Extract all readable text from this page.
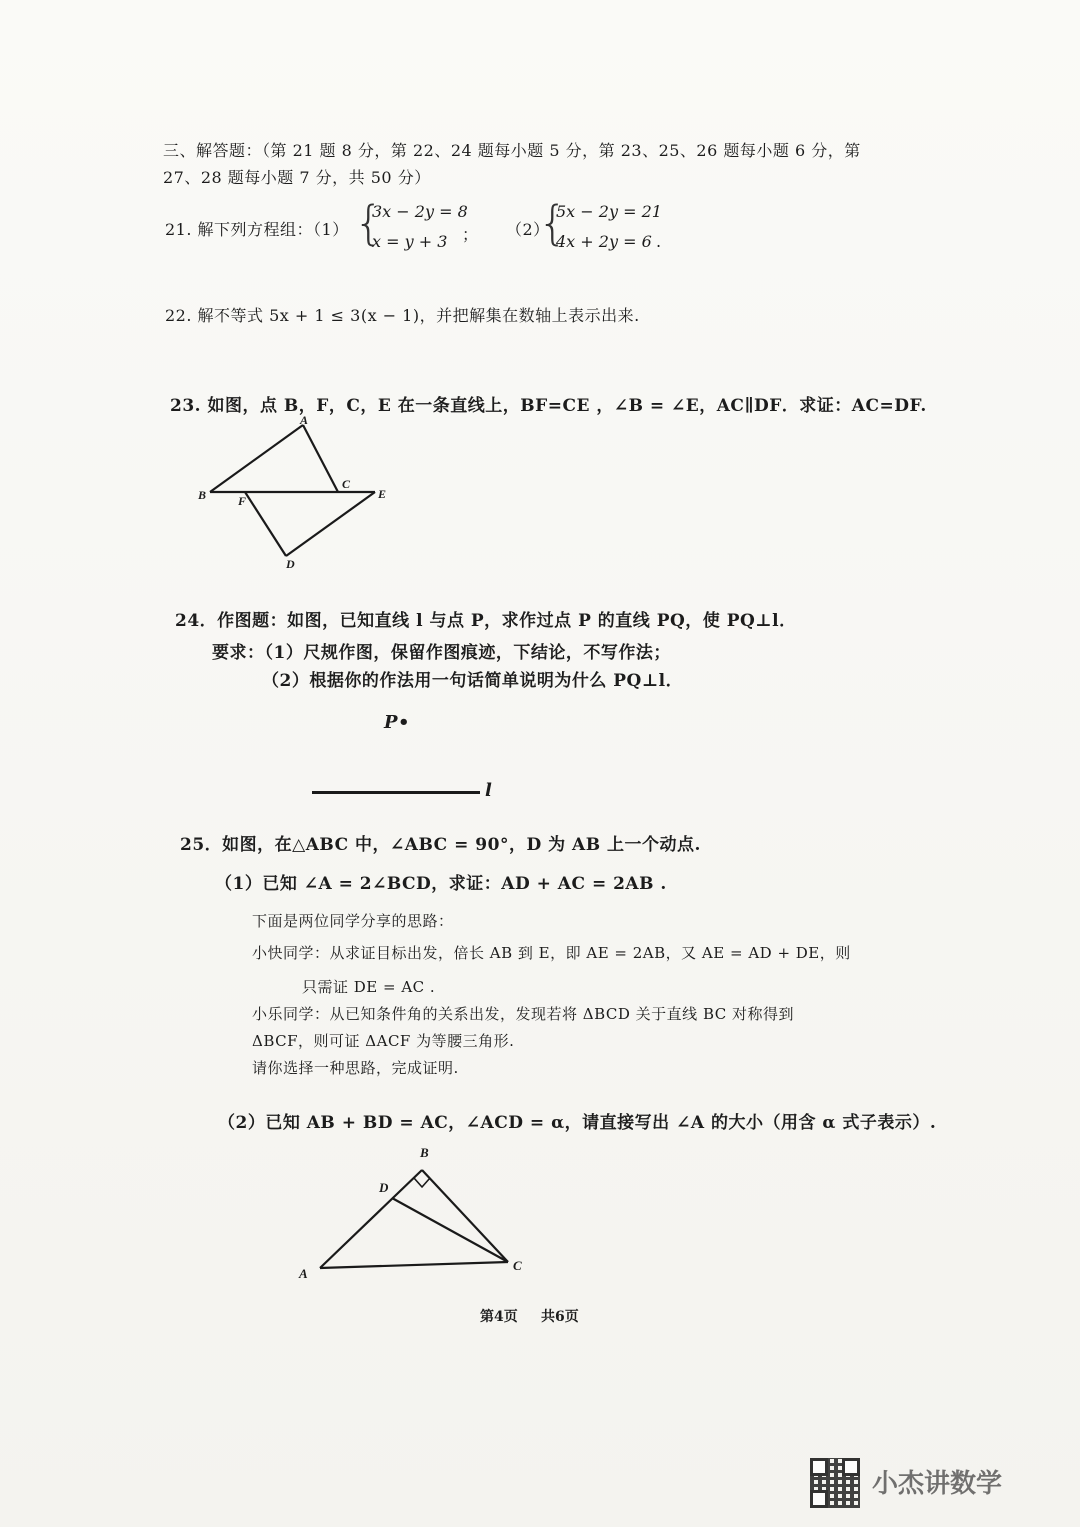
三、解答题：（第 21 题 8 分，第 22、24 题每小题 5 分，第 23、25、26 题每小题 6 分，第
27、28 题每小题 7 分，共 50 分）
21. 解下列方程组：（1） {
3x − 2y = 8
x = y + 3 ； （2）
{
5x − 2y = 21
4x + 2y = 6 .
22. 解不等式 5x + 1 ≤ 3(x − 1)，并把解集在数轴上表示出来.
23. 如图，点 B，F，C，E 在一条直线上，BF=CE ，∠B = ∠E，AC∥DF．求证：AC=DF.
A
B
C
D
E
F
24．作图题：如图，已知直线 l 与点 P，求作过点 P 的直线 PQ，使 PQ⊥l．
要求：（1）尺规作图，保留作图痕迹，下结论，不写作法；
（2）根据你的作法用一句话简单说明为什么 PQ⊥l．
P•
l
25．如图，在△ABC 中，∠ABC = 90°，D 为 AB 上一个动点.
（1）已知 ∠A = 2∠BCD，求证：AD + AC = 2AB .
下面是两位同学分享的思路：
小快同学：从求证目标出发，倍长 AB 到 E，即 AE = 2AB，又 AE = AD + DE，则
只需证 DE = AC .
小乐同学：从已知条件角的关系出发，发现若将 ΔBCD 关于直线 BC 对称得到
ΔBCF，则可证 ΔACF 为等腰三角形.
请你选择一种思路，完成证明.
（2）已知 AB + BD = AC，∠ACD = α，请直接写出 ∠A 的大小（用含 α 式子表示）.
B
D
A
C
第4页 共6页
小杰讲数学
